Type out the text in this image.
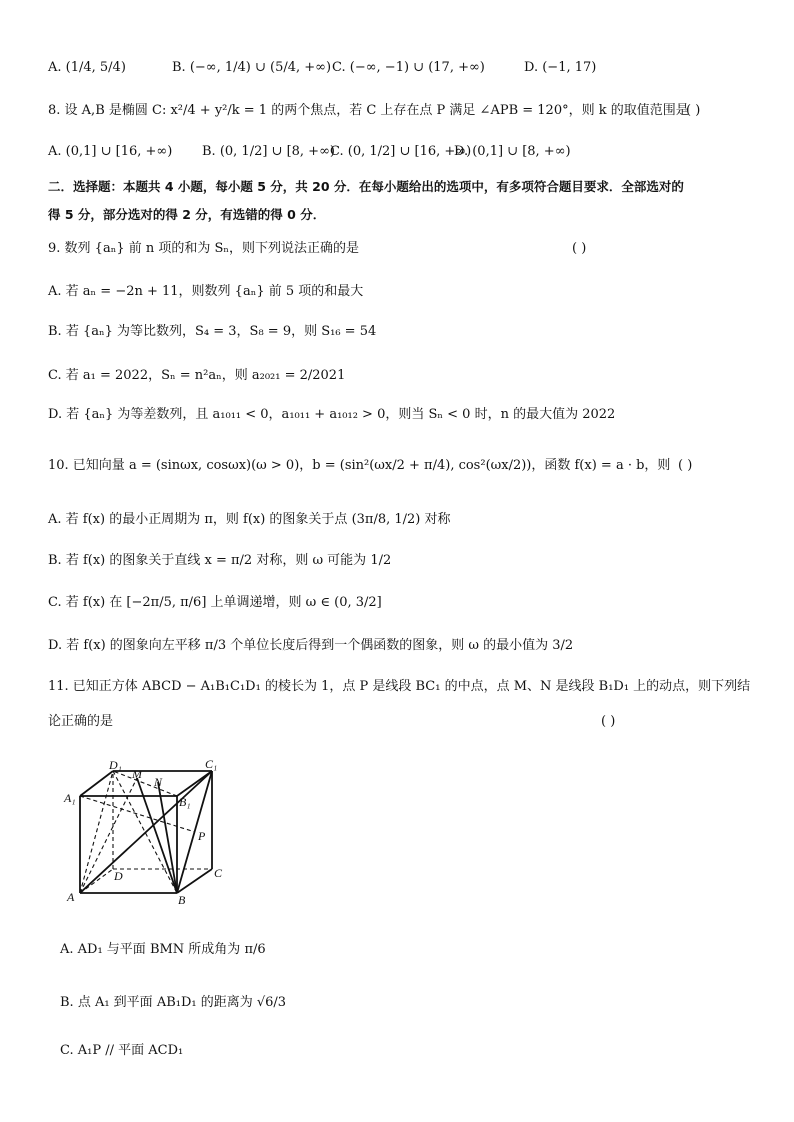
A. (1/4, 5/4)	B. (−∞, 1/4) ∪ (5/4, +∞) C. (−∞, −1) ∪ (17, +∞)	D. (−1, 17)
8. 设 A,B 是椭圆 C: x²/4 + y²/k = 1 的两个焦点，若 C 上存在点 P 满足 ∠APB = 120°，则 k 的取值范围是
( )
A. (0,1] ∪ [16, +∞) B. (0, 1/2] ∪ [8, +∞)
C. (0, 1/2] ∪ [16, +∞)
D. (0,1] ∪ [8, +∞)
二．选择题：本题共 4 小题，每小题 5 分，共 20 分．在每小题给出的选项中，有多项符合题目要求．全部选对的
得 5 分，部分选对的得 2 分，有选错的得 0 分．
9. 数列 {aₙ} 前 n 项的和为 Sₙ，则下列说法正确的是	( )
A. 若 aₙ = −2n + 11，则数列 {aₙ} 前 5 项的和最大
B. 若 {aₙ} 为等比数列，S₄ = 3，S₈ = 9，则 S₁₆ = 54
C. 若 a₁ = 2022，Sₙ = n²aₙ，则 a₂₀₂₁ = 2/2021
D. 若 {aₙ} 为等差数列，且 a₁₀₁₁ < 0，a₁₀₁₁ + a₁₀₁₂ > 0，则当 Sₙ < 0 时，n 的最大值为 2022
10. 已知向量 a = (sinωx, cosωx)(ω > 0)，b = (sin²(ωx/2 + π/4), cos²(ωx/2))，函数 f(x) = a · b，则 ( )
A. 若 f(x) 的最小正周期为 π，则 f(x) 的图象关于点 (3π/8, 1/2) 对称
B. 若 f(x) 的图象关于直线 x = π/2 对称，则 ω 可能为 1/2
C. 若 f(x) 在 [−2π/5, π/6] 上单调递增，则 ω ∈ (0, 3/2]
D. 若 f(x) 的图象向左平移 π/3 个单位长度后得到一个偶函数的图象，则 ω 的最小值为 3/2
11. 已知正方体 ABCD − A₁B₁C₁D₁ 的棱长为 1，点 P 是线段 BC₁ 的中点，点 M、N 是线段 B₁D₁ 上的动点，则下列结
论正确的是	( )
D₁
M
N
C₁
A₁	B₁
P
D	C
A	B
A. AD₁ 与平面 BMN 所成角为 π/6
B. 点 A₁ 到平面 AB₁D₁ 的距离为 √6/3
C. A₁P // 平面 ACD₁
